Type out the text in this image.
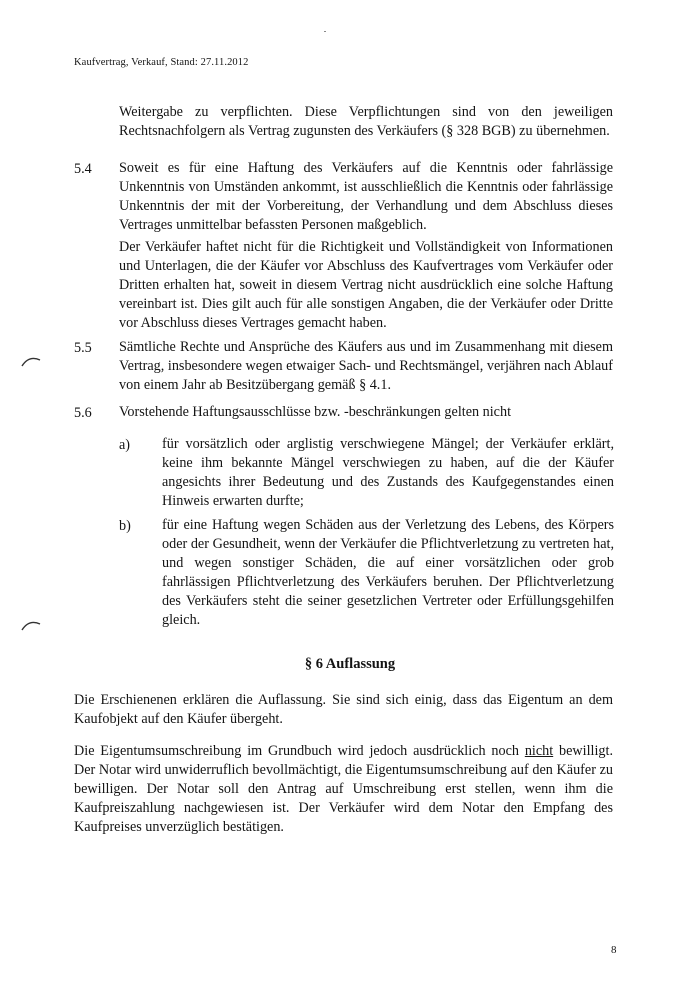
Kaufvertrag, Verkauf, Stand: 27.11.2012
Weitergabe zu verpflichten. Diese Verpflichtungen sind von den jeweiligen Rechtsnachfolgern als Vertrag zugunsten des Verkäufers (§ 328 BGB) zu übernehmen.
5.4 Soweit es für eine Haftung des Verkäufers auf die Kenntnis oder fahrlässige Unkenntnis von Umständen ankommt, ist ausschließlich die Kenntnis oder fahrlässige Unkenntnis der mit der Vorbereitung, der Verhandlung und dem Abschluss dieses Vertrages unmittelbar befassten Personen maßgeblich.
Der Verkäufer haftet nicht für die Richtigkeit und Vollständigkeit von Informationen und Unterlagen, die der Käufer vor Abschluss des Kaufvertrages vom Verkäufer oder Dritten erhalten hat, soweit in diesem Vertrag nicht ausdrücklich eine solche Haftung vereinbart ist. Dies gilt auch für alle sonstigen Angaben, die der Verkäufer oder Dritte vor Abschluss dieses Vertrages gemacht haben.
5.5 Sämtliche Rechte und Ansprüche des Käufers aus und im Zusammenhang mit diesem Vertrag, insbesondere wegen etwaiger Sach- und Rechtsmängel, verjähren nach Ablauf von einem Jahr ab Besitzübergang gemäß § 4.1.
5.6 Vorstehende Haftungsausschlüsse bzw. -beschränkungen gelten nicht
a) für vorsätzlich oder arglistig verschwiegene Mängel; der Verkäufer erklärt, keine ihm bekannte Mängel verschwiegen zu haben, auf die der Käufer angesichts ihrer Bedeutung und des Zustands des Kaufgegenstandes einen Hinweis erwarten durfte;
b) für eine Haftung wegen Schäden aus der Verletzung des Lebens, des Körpers oder der Gesundheit, wenn der Verkäufer die Pflichtverletzung zu vertreten hat, und wegen sonstiger Schäden, die auf einer vorsätzlichen oder grob fahrlässigen Pflichtverletzung des Verkäufers beruhen. Der Pflichtverletzung des Verkäufers steht die seiner gesetzlichen Vertreter oder Erfüllungsgehilfen gleich.
§ 6 Auflassung
Die Erschienenen erklären die Auflassung. Sie sind sich einig, dass das Eigentum an dem Kaufobjekt auf den Käufer übergeht.
Die Eigentumsumschreibung im Grundbuch wird jedoch ausdrücklich noch nicht bewilligt. Der Notar wird unwiderruflich bevollmächtigt, die Eigentumsumschreibung auf den Käufer zu bewilligen. Der Notar soll den Antrag auf Umschreibung erst stellen, wenn ihm die Kaufpreiszahlung nachgewiesen ist. Der Verkäufer wird dem Notar den Empfang des Kaufpreises unverzüglich bestätigen.
8
